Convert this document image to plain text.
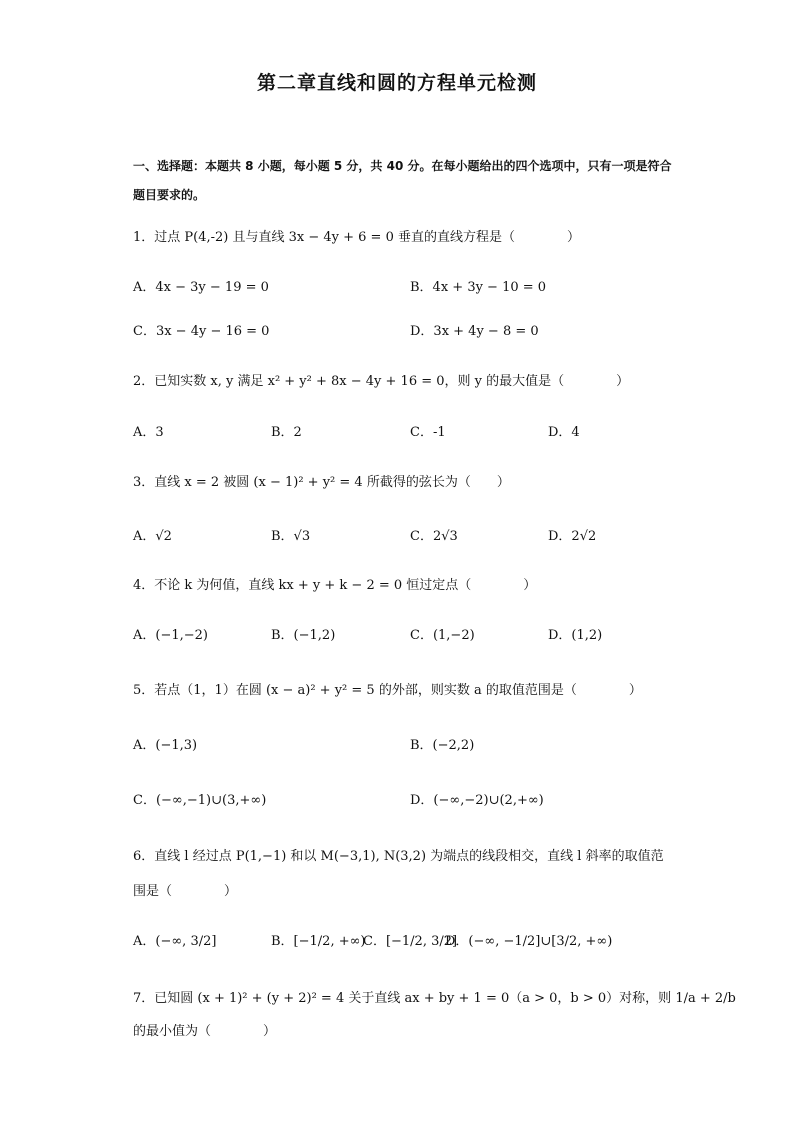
第二章直线和圆的方程单元检测
一、选择题：本题共 8 小题，每小题 5 分，共 40 分。在每小题给出的四个选项中，只有一项是符合题目要求的。
1．过点 P(4,-2) 且与直线 3x − 4y + 6 = 0 垂直的直线方程是（　　　　）
A．4x − 3y − 19 = 0	B．4x + 3y − 10 = 0
C．3x − 4y − 16 = 0	D．3x + 4y − 8 = 0
2．已知实数 x, y 满足 x² + y² + 8x − 4y + 16 = 0，则 y 的最大值是（　　　　）
A．3	B．2	C．-1	D．4
3．直线 x = 2 被圆 (x − 1)² + y² = 4 所截得的弦长为（　　）
A．√2	B．√3	C．2√3	D．2√2
4．不论 k 为何值，直线 kx + y + k − 2 = 0 恒过定点（　　　　）
A．(−1,−2)	B．(−1,2)	C．(1,−2)	D．(1,2)
5．若点（1，1）在圆 (x − a)² + y² = 5 的外部，则实数 a 的取值范围是（　　　　）
A．(−1,3)	B．(−2,2)
C．(−∞,−1)∪(3,+∞)	D．(−∞,−2)∪(2,+∞)
6．直线 l 经过点 P(1,−1) 和以 M(−3,1), N(3,2) 为端点的线段相交，直线 l 斜率的取值范
围是（　　　　）
A．(−∞, 3/2]	B．[−1/2, +∞)
C．[−1/2, 3/2]
D．(−∞, −1/2]∪[3/2, +∞)
7．已知圆 (x + 1)² + (y + 2)² = 4 关于直线 ax + by + 1 = 0（a > 0，b > 0）对称，则 1/a + 2/b
的最小值为（　　　　）
